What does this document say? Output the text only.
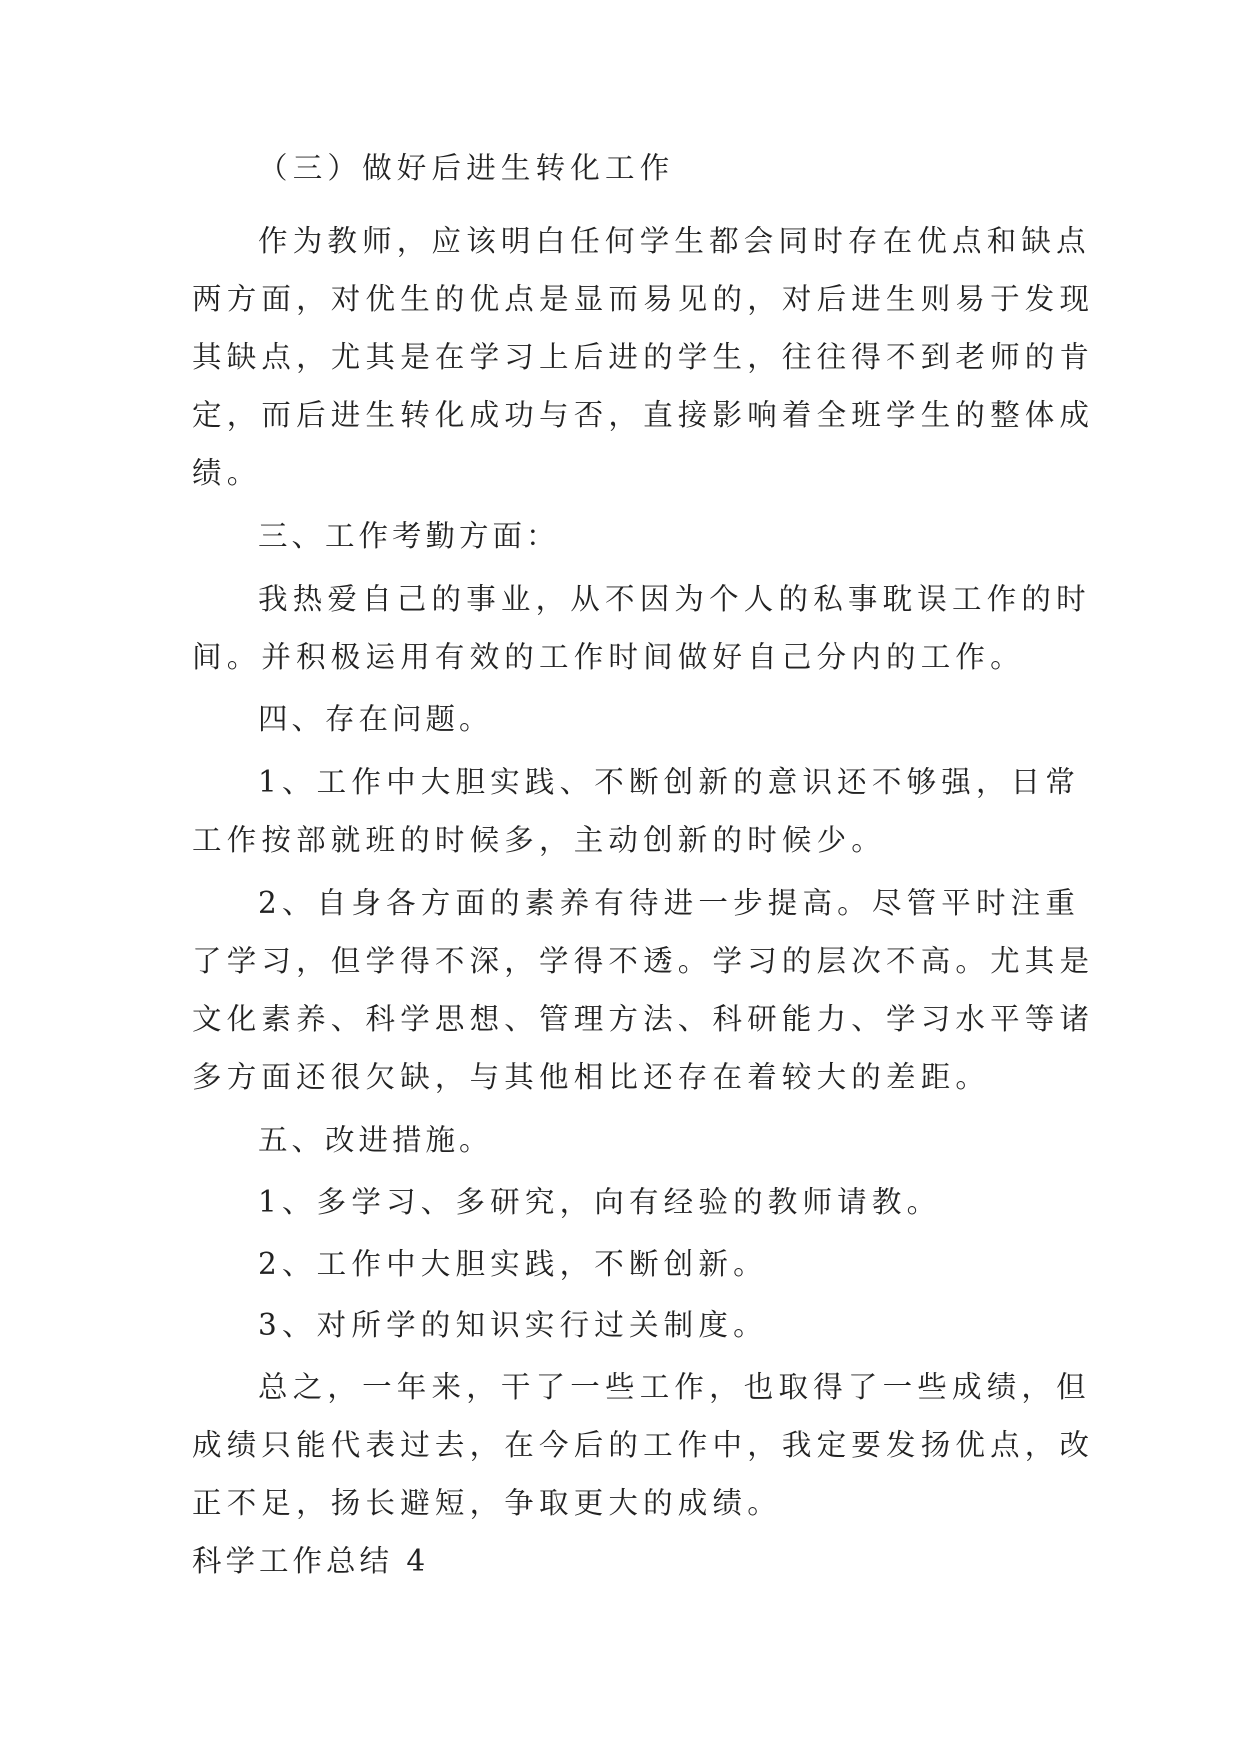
（三）做好后进生转化工作
作为教师，应该明白任何学生都会同时存在优点和缺点
两方面，对优生的优点是显而易见的，对后进生则易于发现
其缺点，尤其是在学习上后进的学生，往往得不到老师的肯
定，而后进生转化成功与否，直接影响着全班学生的整体成
绩。
三、工作考勤方面：
我热爱自己的事业，从不因为个人的私事耽误工作的时
间。并积极运用有效的工作时间做好自己分内的工作。
四、存在问题。
1、工作中大胆实践、不断创新的意识还不够强，日常
工作按部就班的时候多，主动创新的时候少。
2、自身各方面的素养有待进一步提高。尽管平时注重
了学习，但学得不深，学得不透。学习的层次不高。尤其是
文化素养、科学思想、管理方法、科研能力、学习水平等诸
多方面还很欠缺，与其他相比还存在着较大的差距。
五、改进措施。
1、多学习、多研究，向有经验的教师请教。
2、工作中大胆实践，不断创新。
3、对所学的知识实行过关制度。
总之，一年来，干了一些工作，也取得了一些成绩，但
成绩只能代表过去，在今后的工作中，我定要发扬优点，改
正不足，扬长避短，争取更大的成绩。
科学工作总结 4
